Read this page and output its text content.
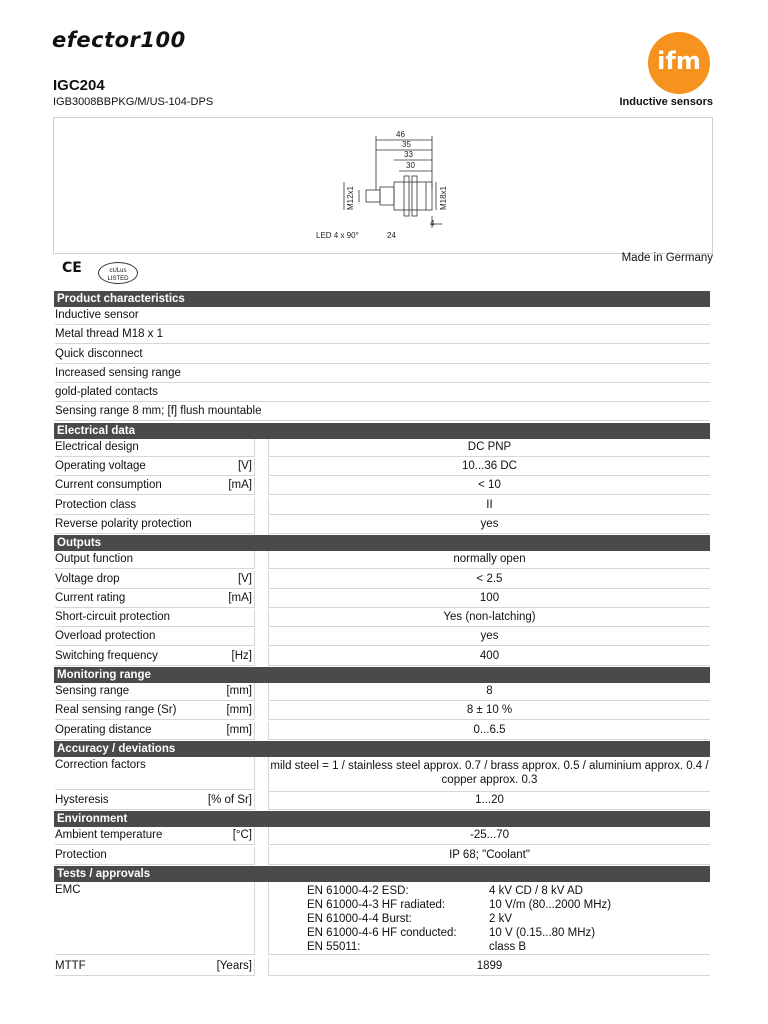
efector100
ifm
IGC204
IGB3008BBPKG/M/US-104-DPS	Inductive sensors
46
35
33
30
4
M12x1	M18x1
LED 4 x 90°	24
Made in Germany
CE	cULus LISTED
Product characteristics
Inductive sensor
Metal thread M18 x 1
Quick disconnect
Increased sensing range
gold-plated contacts
Sensing range 8 mm; [f] flush mountable
Electrical data
Electrical design	DC PNP
Operating voltage	[V]	10...36 DC
Current consumption	[mA]	< 10
Protection class	II
Reverse polarity protection	yes
Outputs
Output function	normally open
Voltage drop	[V]	< 2.5
Current rating	[mA]	100
Short-circuit protection	Yes (non-latching)
Overload protection	yes
Switching frequency	[Hz]	400
Monitoring range
Sensing range	[mm]	8
Real sensing range (Sr)	[mm]	8 ± 10 %
Operating distance	[mm]	0...6.5
Accuracy / deviations
Correction factors	mild steel = 1 / stainless steel approx. 0.7 / brass approx. 0.5 / aluminium approx. 0.4 / copper approx. 0.3
Hysteresis	[% of Sr]	1...20
Environment
Ambient temperature	[°C]	-25...70
Protection	IP 68; "Coolant"
Tests / approvals
EMC	EN 61000-4-2 ESD:	4 kV CD / 8 kV AD
EN 61000-4-3 HF radiated:	10 V/m (80...2000 MHz)
EN 61000-4-4 Burst:	2 kV
EN 61000-4-6 HF conducted:	10 V (0.15...80 MHz)
EN 55011:	class B
MTTF	[Years]	1899
